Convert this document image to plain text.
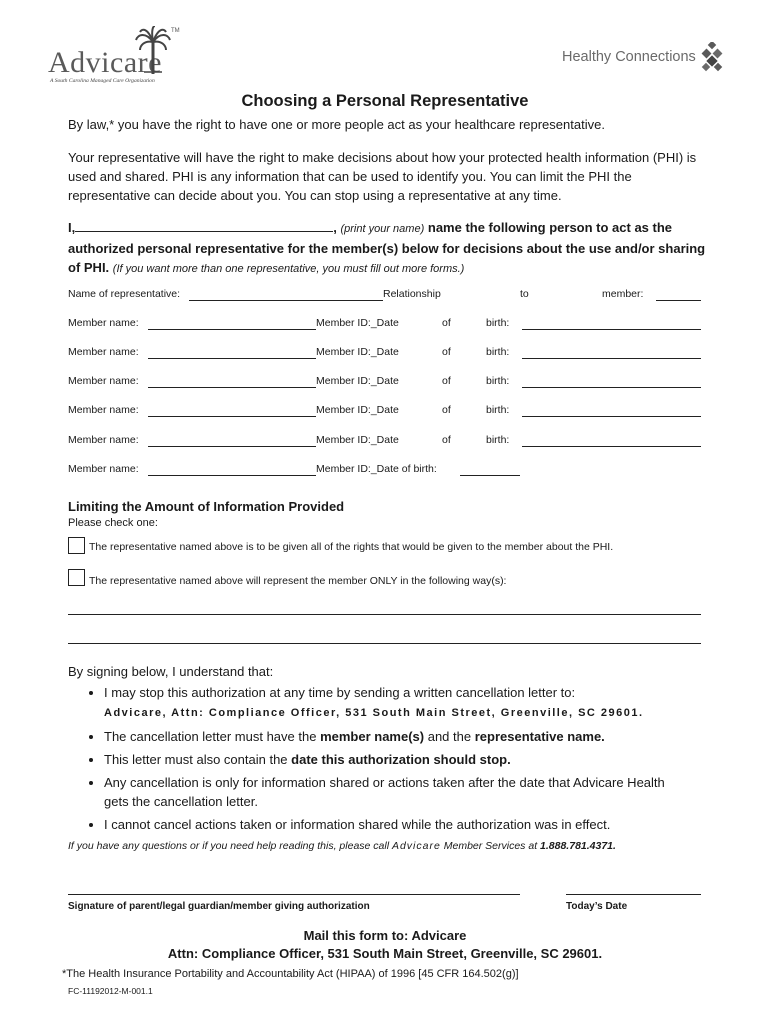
Advicare
A South Carolina Managed Care Organization
TM
Healthy Connections
Choosing a Personal Representative
By law,* you have the right to have one or more people act as your healthcare representative.
Your representative will have the right to make decisions about how your protected health information (PHI) is used and shared. PHI is any information that can be used to identify you. You can limit the PHI the representative can decide about you. You can stop using a representative at any time.
I,	, (print your name) name the following person to act as the authorized personal representative for the member(s) below for decisions about the use and/or sharing of PHI. (If you want more than one representative, you must fill out more forms.)
Name of representative:	Relationship	to	member:
Member name:	Member ID:_Date	of	birth:
Member name:	Member ID:_Date	of	birth:
Member name:	Member ID:_Date	of	birth:
Member name:	Member ID:_Date	of	birth:
Member name:	Member ID:_Date	of	birth:
Member name:	Member ID:_Date of birth:
Limiting the Amount of Information Provided
Please check one:
The representative named above is to be given all of the rights that would be given to the member about the PHI.
The representative named above will represent the member ONLY in the following way(s):
By signing below, I understand that:
• I may stop this authorization at any time by sending a written cancellation letter to:
Advicare, Attn: Compliance Officer, 531 South Main Street, Greenville, SC 29601.
• The cancellation letter must have the member name(s) and the representative name.
• This letter must also contain the date this authorization should stop.
• Any cancellation is only for information shared or actions taken after the date that Advicare Health gets the cancellation letter.
• I cannot cancel actions taken or information shared while the authorization was in effect.
If you have any questions or if you need help reading this, please call Advicare Member Services at 1.888.781.4371.
Signature of parent/legal guardian/member giving authorization	Today’s Date
Mail this form to: Advicare
Attn: Compliance Officer, 531 South Main Street, Greenville, SC 29601.
*The Health Insurance Portability and Accountability Act (HIPAA) of 1996 [45 CFR 164.502(g)]
FC-11192012-M-001.1
